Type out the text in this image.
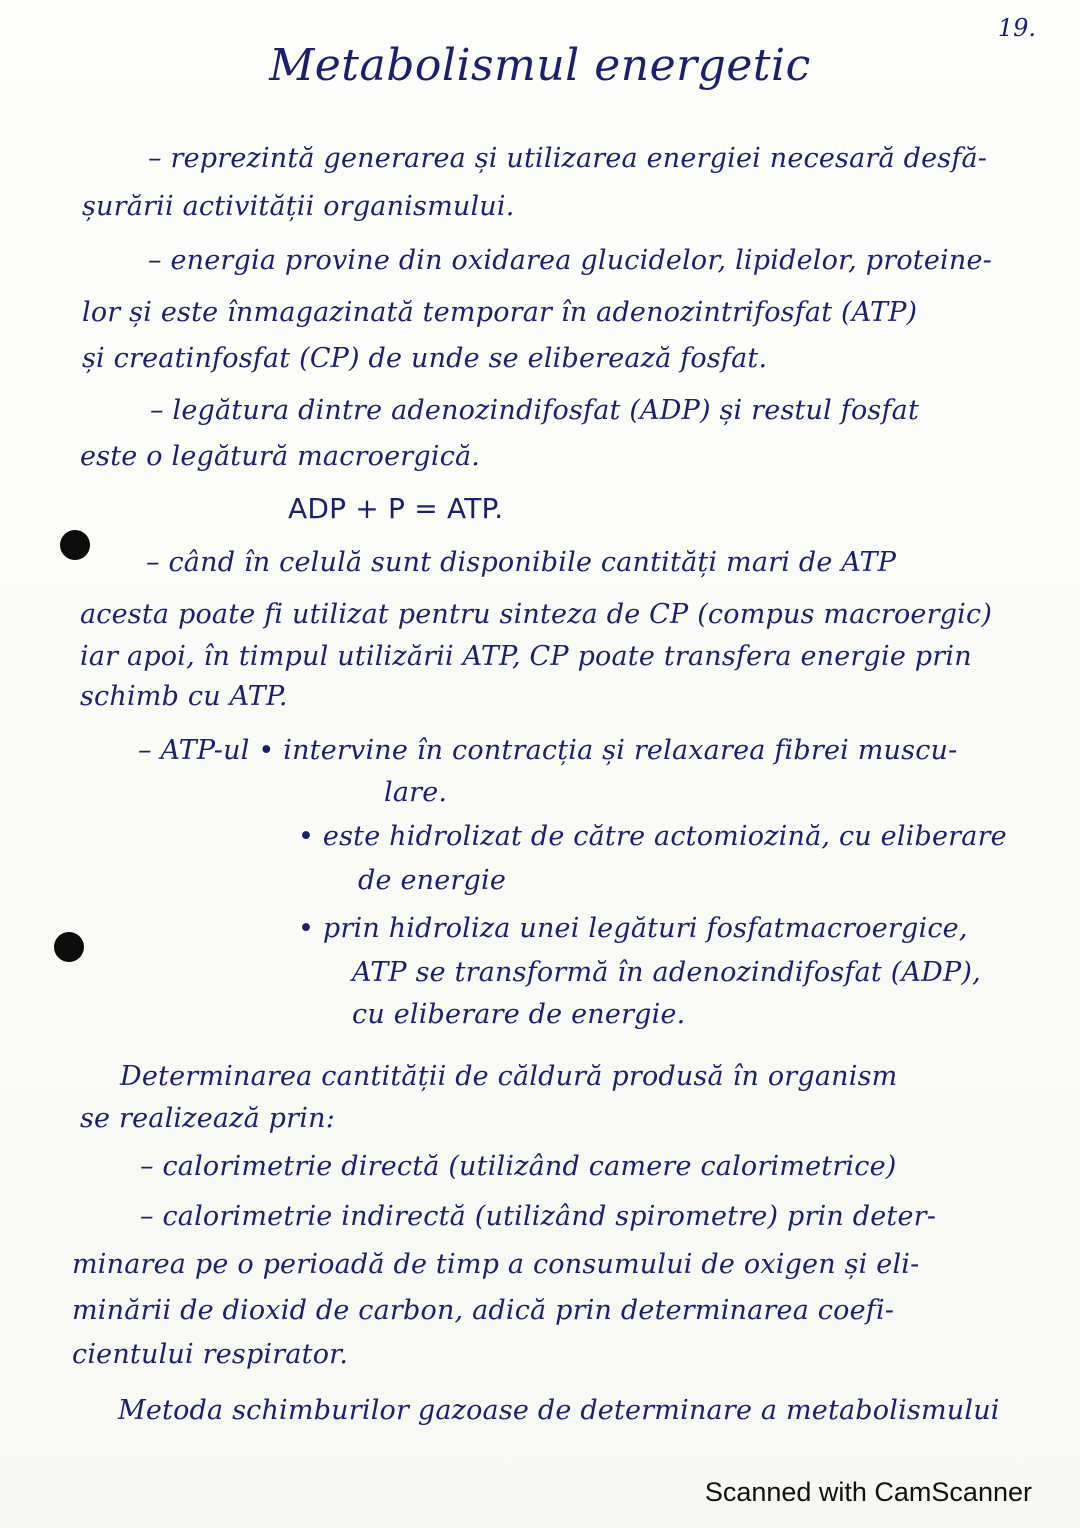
19.
Metabolismul energetic
– reprezintă generarea și utilizarea energiei necesară desfă-
șurării activității organismului.
– energia provine din oxidarea glucidelor, lipidelor, proteine-
lor și este înmagazinată temporar în adenozintrifosfat (ATP)
și creatinfosfat (CP) de unde se eliberează fosfat.
– legătura dintre adenozindifosfat (ADP) și restul fosfat
este o legătură macroergică.
ADP + P = ATP.
– când în celulă sunt disponibile cantități mari de ATP
acesta poate fi utilizat pentru sinteza de CP (compus macroergic)
iar apoi, în timpul utilizării ATP, CP poate transfera energie prin
schimb cu ATP.
– ATP-ul • intervine în contracția și relaxarea fibrei muscu-
lare.
• este hidrolizat de către actomiozină, cu eliberare
de energie
• prin hidroliza unei legături fosfatmacroergice,
ATP se transformă în adenozindifosfat (ADP),
cu eliberare de energie.
Determinarea cantității de căldură produsă în organism
se realizează prin:
– calorimetrie directă (utilizând camere calorimetrice)
– calorimetrie indirectă (utilizând spirometre) prin deter-
minarea pe o perioadă de timp a consumului de oxigen și eli-
minării de dioxid de carbon, adică prin determinarea coefi-
cientului respirator.
Metoda schimburilor gazoase de determinare a metabolismului
Scanned with CamScanner
